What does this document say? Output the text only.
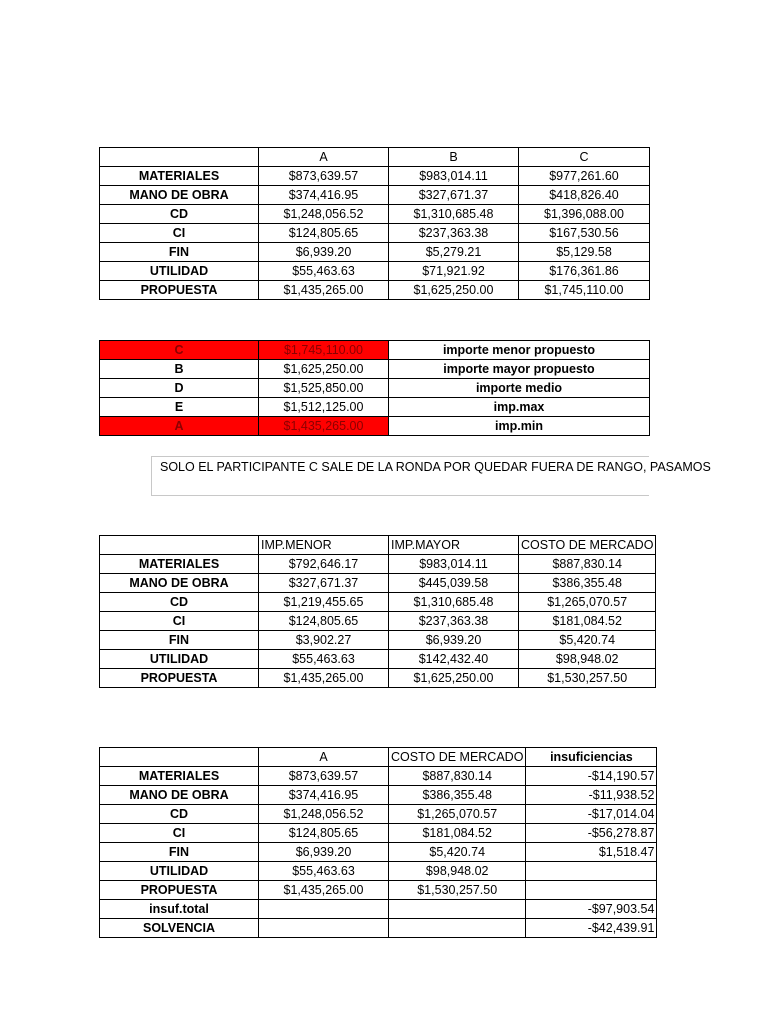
	A	B	C
MATERIALES	$873,639.57	$983,014.11	$977,261.60
MANO DE OBRA	$374,416.95	$327,671.37	$418,826.40
CD	$1,248,056.52	$1,310,685.48	$1,396,088.00
CI	$124,805.65	$237,363.38	$167,530.56
FIN	$6,939.20	$5,279.21	$5,129.58
UTILIDAD	$55,463.63	$71,921.92	$176,361.86
PROPUESTA	$1,435,265.00	$1,625,250.00	$1,745,110.00
C	$1,745,110.00	importe menor propuesto
B	$1,625,250.00	importe mayor propuesto
D	$1,525,850.00	importe medio
E	$1,512,125.00	imp.max
A	$1,435,265.00	imp.min
SOLO EL PARTICIPANTE C SALE DE LA RONDA POR QUEDAR FUERA DE RANGO, PASAMOS
	IMP.MENOR	IMP.MAYOR	COSTO DE MERCADO
MATERIALES	$792,646.17	$983,014.11	$887,830.14
MANO DE OBRA	$327,671.37	$445,039.58	$386,355.48
CD	$1,219,455.65	$1,310,685.48	$1,265,070.57
CI	$124,805.65	$237,363.38	$181,084.52
FIN	$3,902.27	$6,939.20	$5,420.74
UTILIDAD	$55,463.63	$142,432.40	$98,948.02
PROPUESTA	$1,435,265.00	$1,625,250.00	$1,530,257.50
	A	COSTO DE MERCADO	insuficiencias
MATERIALES	$873,639.57	$887,830.14	-$14,190.57
MANO DE OBRA	$374,416.95	$386,355.48	-$11,938.52
CD	$1,248,056.52	$1,265,070.57	-$17,014.04
CI	$124,805.65	$181,084.52	-$56,278.87
FIN	$6,939.20	$5,420.74	$1,518.47
UTILIDAD	$55,463.63	$98,948.02	
PROPUESTA	$1,435,265.00	$1,530,257.50	
insuf.total			-$97,903.54
SOLVENCIA			-$42,439.91
